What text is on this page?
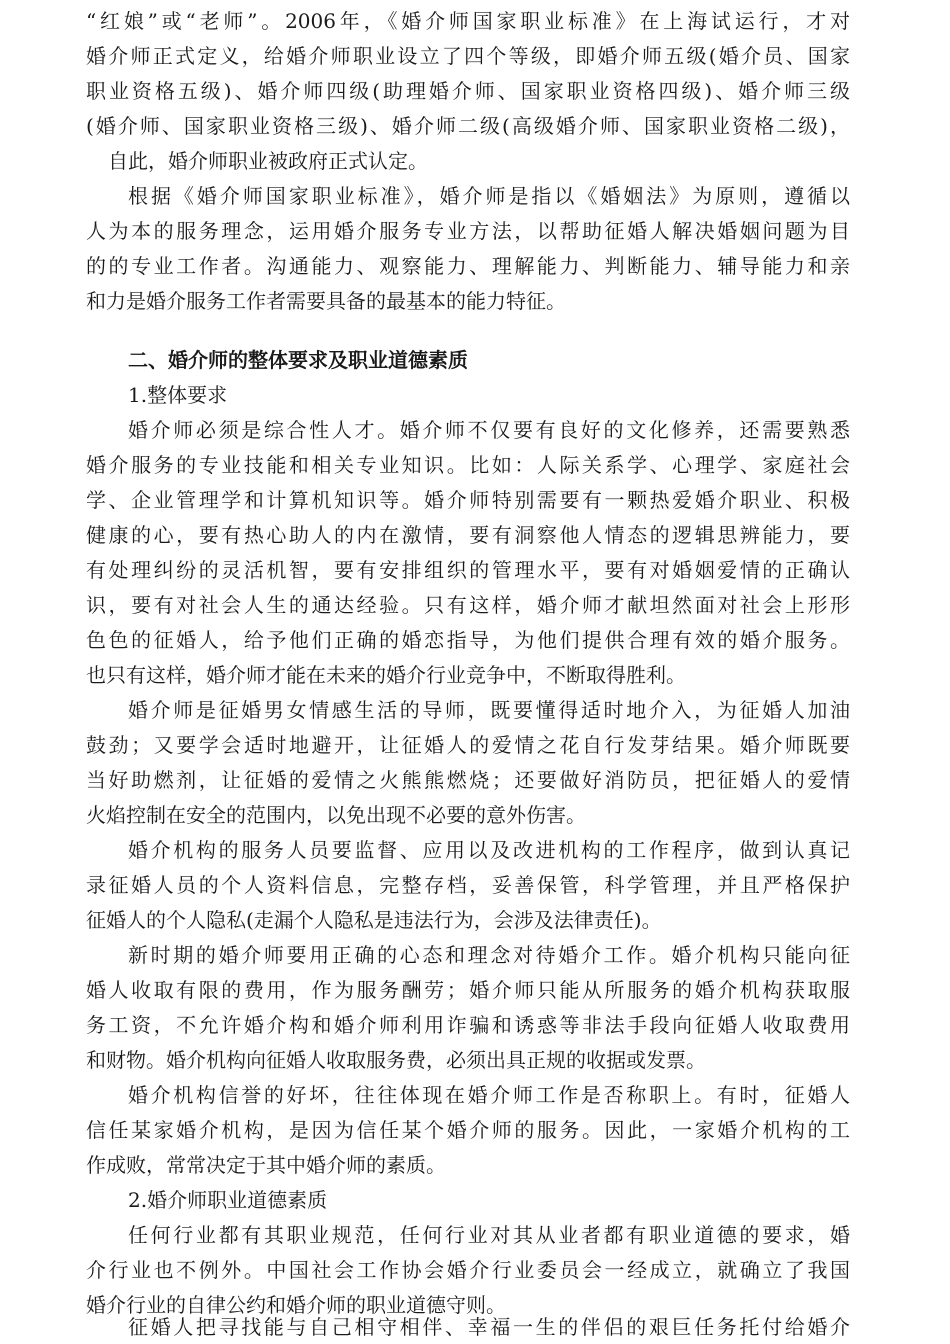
“红娘”或“老师”。2006年，《婚介师国家职业标准》在上海试运行，才对
婚介师正式定义，给婚介师职业设立了四个等级，即婚介师五级(婚介员、国家
职业资格五级)、婚介师四级(助理婚介师、国家职业资格四级)、婚介师三级
(婚介师、国家职业资格三级)、婚介师二级(高级婚介师、国家职业资格二级)，
自此，婚介师职业被政府正式认定。
根据《婚介师国家职业标准》，婚介师是指以《婚姻法》为原则，遵循以
人为本的服务理念，运用婚介服务专业方法，以帮助征婚人解决婚姻问题为目
的的专业工作者。沟通能力、观察能力、理解能力、判断能力、辅导能力和亲
和力是婚介服务工作者需要具备的最基本的能力特征。
二、婚介师的整体要求及职业道德素质
1.整体要求
婚介师必须是综合性人才。婚介师不仅要有良好的文化修养，还需要熟悉
婚介服务的专业技能和相关专业知识。比如：人际关系学、心理学、家庭社会
学、企业管理学和计算机知识等。婚介师特别需要有一颗热爱婚介职业、积极
健康的心，要有热心助人的内在激情，要有洞察他人情态的逻辑思辨能力，要
有处理纠纷的灵活机智，要有安排组织的管理水平，要有对婚姻爱情的正确认
识，要有对社会人生的通达经验。只有这样，婚介师才献坦然面对社会上形形
色色的征婚人，给予他们正确的婚恋指导，为他们提供合理有效的婚介服务。
也只有这样，婚介师才能在未来的婚介行业竞争中，不断取得胜利。
婚介师是征婚男女情感生活的导师，既要懂得适时地介入，为征婚人加油
鼓劲；又要学会适时地避开，让征婚人的爱情之花自行发芽结果。婚介师既要
当好助燃剂，让征婚的爱情之火熊熊燃烧；还要做好消防员，把征婚人的爱情
火焰控制在安全的范围内，以免出现不必要的意外伤害。
婚介机构的服务人员要监督、应用以及改进机构的工作程序，做到认真记
录征婚人员的个人资料信息，完整存档，妥善保管，科学管理，并且严格保护
征婚人的个人隐私(走漏个人隐私是违法行为，会涉及法律责任)。
新时期的婚介师要用正确的心态和理念对待婚介工作。婚介机构只能向征
婚人收取有限的费用，作为服务酬劳；婚介师只能从所服务的婚介机构获取服
务工资，不允许婚介构和婚介师利用诈骗和诱惑等非法手段向征婚人收取费用
和财物。婚介机构向征婚人收取服务费，必须出具正规的收据或发票。
婚介机构信誉的好坏，往往体现在婚介师工作是否称职上。有时，征婚人
信任某家婚介机构，是因为信任某个婚介师的服务。因此，一家婚介机构的工
作成败，常常决定于其中婚介师的素质。
2.婚介师职业道德素质
任何行业都有其职业规范，任何行业对其从业者都有职业道德的要求，婚
介行业也不例外。中国社会工作协会婚介行业委员会一经成立，就确立了我国
婚介行业的自律公约和婚介师的职业道德守则。
征婚人把寻找能与自己相守相伴、幸福一生的伴侣的艰巨任务托付给婚介
